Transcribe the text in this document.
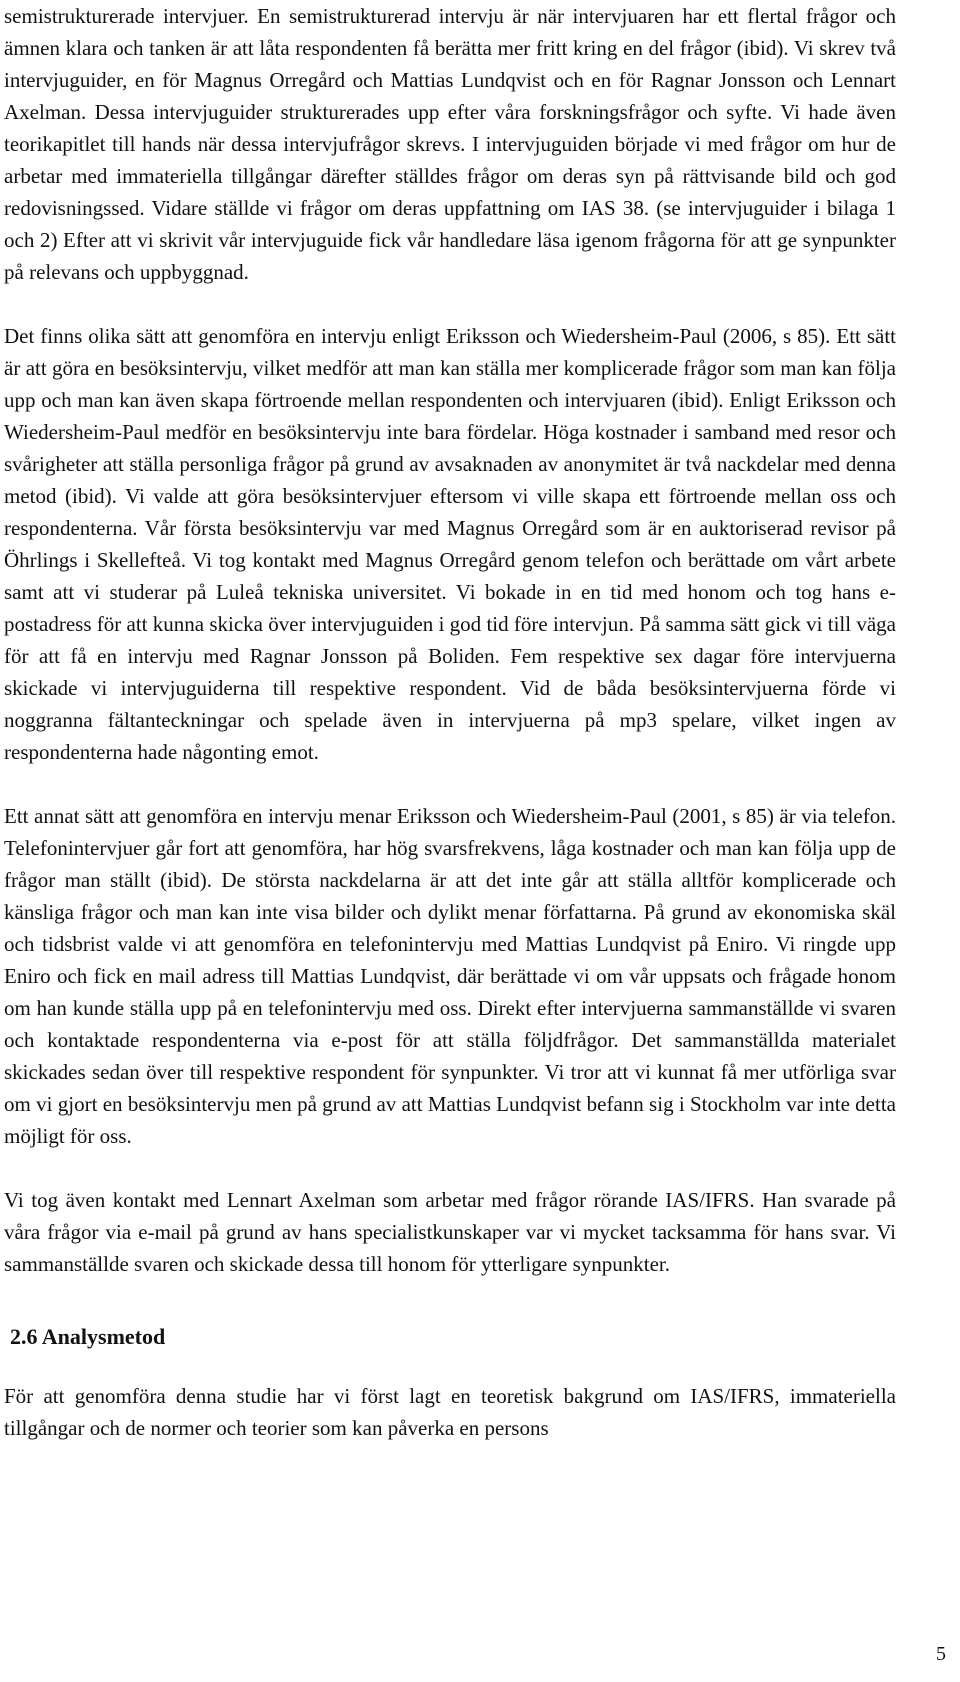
semistrukturerade intervjuer. En semistrukturerad intervju är när intervjuaren har ett flertal frågor och ämnen klara och tanken är att låta respondenten få berätta mer fritt kring en del frågor (ibid). Vi skrev två intervjuguider, en för Magnus Orregård och Mattias Lundqvist och en för Ragnar Jonsson och Lennart Axelman. Dessa intervjuguider strukturerades upp efter våra forskningsfrågor och syfte. Vi hade även teorikapitlet till hands när dessa intervjufrågor skrevs. I intervjuguiden började vi med frågor om hur de arbetar med immateriella tillgångar därefter ställdes frågor om deras syn på rättvisande bild och god redovisningssed. Vidare ställde vi frågor om deras uppfattning om IAS 38. (se intervjuguider i bilaga 1 och 2) Efter att vi skrivit vår intervjuguide fick vår handledare läsa igenom frågorna för att ge synpunkter på relevans och uppbyggnad.

Det finns olika sätt att genomföra en intervju enligt Eriksson och Wiedersheim-Paul (2006, s 85). Ett sätt är att göra en besöksintervju, vilket medför att man kan ställa mer komplicerade frågor som man kan följa upp och man kan även skapa förtroende mellan respondenten och intervjuaren (ibid). Enligt Eriksson och Wiedersheim-Paul medför en besöksintervju inte bara fördelar. Höga kostnader i samband med resor och svårigheter att ställa personliga frågor på grund av avsaknaden av anonymitet är två nackdelar med denna metod (ibid). Vi valde att göra besöksintervjuer eftersom vi ville skapa ett förtroende mellan oss och respondenterna. Vår första besöksintervju var med Magnus Orregård som är en auktoriserad revisor på Öhrlings i Skellefteå. Vi tog kontakt med Magnus Orregård genom telefon och berättade om vårt arbete samt att vi studerar på Luleå tekniska universitet. Vi bokade in en tid med honom och tog hans e-postadress för att kunna skicka över intervjuguiden i god tid före intervjun. På samma sätt gick vi till väga för att få en intervju med Ragnar Jonsson på Boliden. Fem respektive sex dagar före intervjuerna skickade vi intervjuguiderna till respektive respondent. Vid de båda besöksintervjuerna förde vi noggranna fältanteckningar och spelade även in intervjuerna på mp3 spelare, vilket ingen av respondenterna hade någonting emot.

Ett annat sätt att genomföra en intervju menar Eriksson och Wiedersheim-Paul (2001, s 85) är via telefon. Telefonintervjuer går fort att genomföra, har hög svarsfrekvens, låga kostnader och man kan följa upp de frågor man ställt (ibid). De största nackdelarna är att det inte går att ställa alltför komplicerade och känsliga frågor och man kan inte visa bilder och dylikt menar författarna. På grund av ekonomiska skäl och tidsbrist valde vi att genomföra en telefonintervju med Mattias Lundqvist på Eniro. Vi ringde upp Eniro och fick en mail adress till Mattias Lundqvist, där berättade vi om vår uppsats och frågade honom om han kunde ställa upp på en telefonintervju med oss. Direkt efter intervjuerna sammanställde vi svaren och kontaktade respondenterna via e-post för att ställa följdfrågor. Det sammanställda materialet skickades sedan över till respektive respondent för synpunkter. Vi tror att vi kunnat få mer utförliga svar om vi gjort en besöksintervju men på grund av att Mattias Lundqvist befann sig i Stockholm var inte detta möjligt för oss.

Vi tog även kontakt med Lennart Axelman som arbetar med frågor rörande IAS/IFRS. Han svarade på våra frågor via e-mail på grund av hans specialistkunskaper var vi mycket tacksamma för hans svar. Vi sammanställde svaren och skickade dessa till honom för ytterligare synpunkter.

2.6 Analysmetod

För att genomföra denna studie har vi först lagt en teoretisk bakgrund om IAS/IFRS, immateriella tillgångar och de normer och teorier som kan påverka en persons

5
